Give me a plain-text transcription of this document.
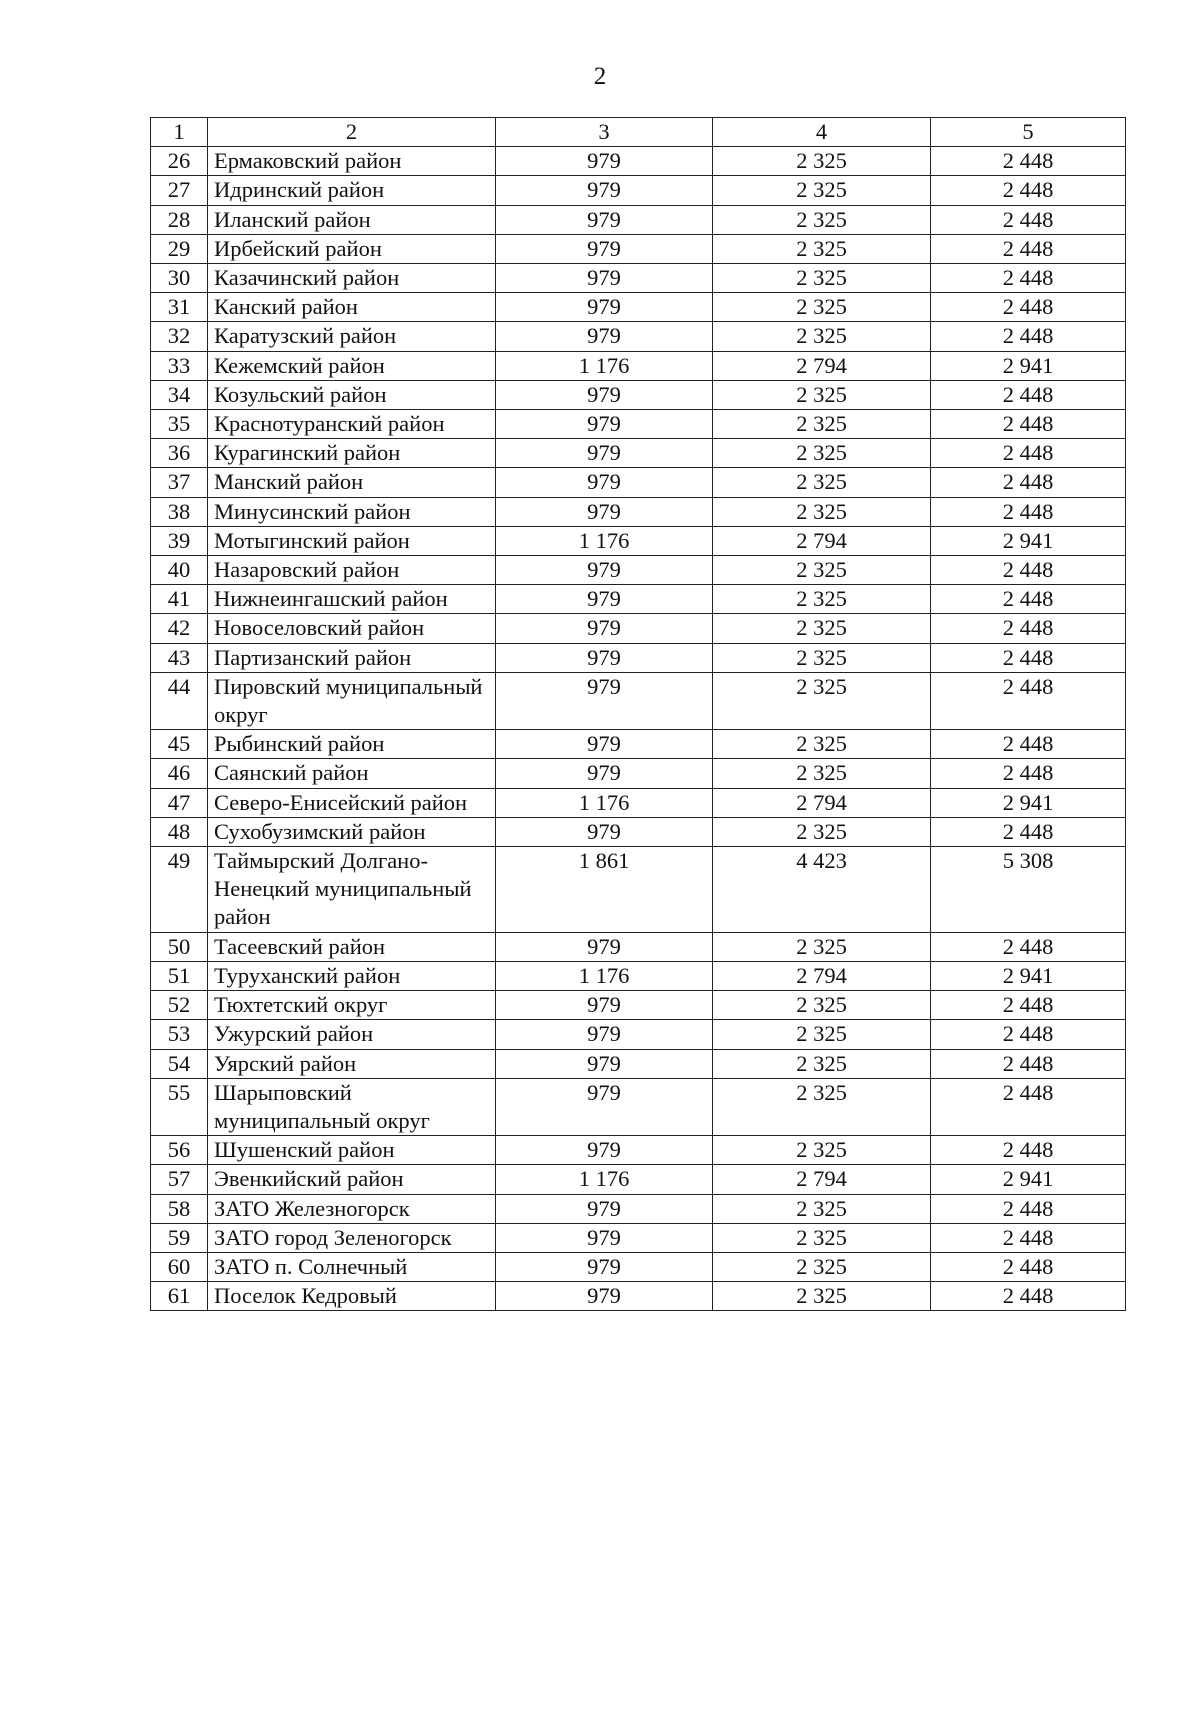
2
1	2	3	4	5
26	Ермаковский район	979	2 325	2 448
27	Идринский район	979	2 325	2 448
28	Иланский район	979	2 325	2 448
29	Ирбейский район	979	2 325	2 448
30	Казачинский район	979	2 325	2 448
31	Канский район	979	2 325	2 448
32	Каратузский район	979	2 325	2 448
33	Кежемский район	1 176	2 794	2 941
34	Козульский район	979	2 325	2 448
35	Краснотуранский район	979	2 325	2 448
36	Курагинский район	979	2 325	2 448
37	Манский район	979	2 325	2 448
38	Минусинский район	979	2 325	2 448
39	Мотыгинский район	1 176	2 794	2 941
40	Назаровский район	979	2 325	2 448
41	Нижнеингашский район	979	2 325	2 448
42	Новоселовский район	979	2 325	2 448
43	Партизанский район	979	2 325	2 448
44	Пировский муниципальный округ	979	2 325	2 448
45	Рыбинский район	979	2 325	2 448
46	Саянский район	979	2 325	2 448
47	Северо-Енисейский район	1 176	2 794	2 941
48	Сухобузимский район	979	2 325	2 448
49	Таймырский Долгано-Ненецкий муниципальный район	1 861	4 423	5 308
50	Тасеевский район	979	2 325	2 448
51	Туруханский район	1 176	2 794	2 941
52	Тюхтетский округ	979	2 325	2 448
53	Ужурский район	979	2 325	2 448
54	Уярский район	979	2 325	2 448
55	Шарыповский муниципальный округ	979	2 325	2 448
56	Шушенский район	979	2 325	2 448
57	Эвенкийский район	1 176	2 794	2 941
58	ЗАТО Железногорск	979	2 325	2 448
59	ЗАТО город Зеленогорск	979	2 325	2 448
60	ЗАТО п. Солнечный	979	2 325	2 448
61	Поселок Кедровый	979	2 325	2 448
